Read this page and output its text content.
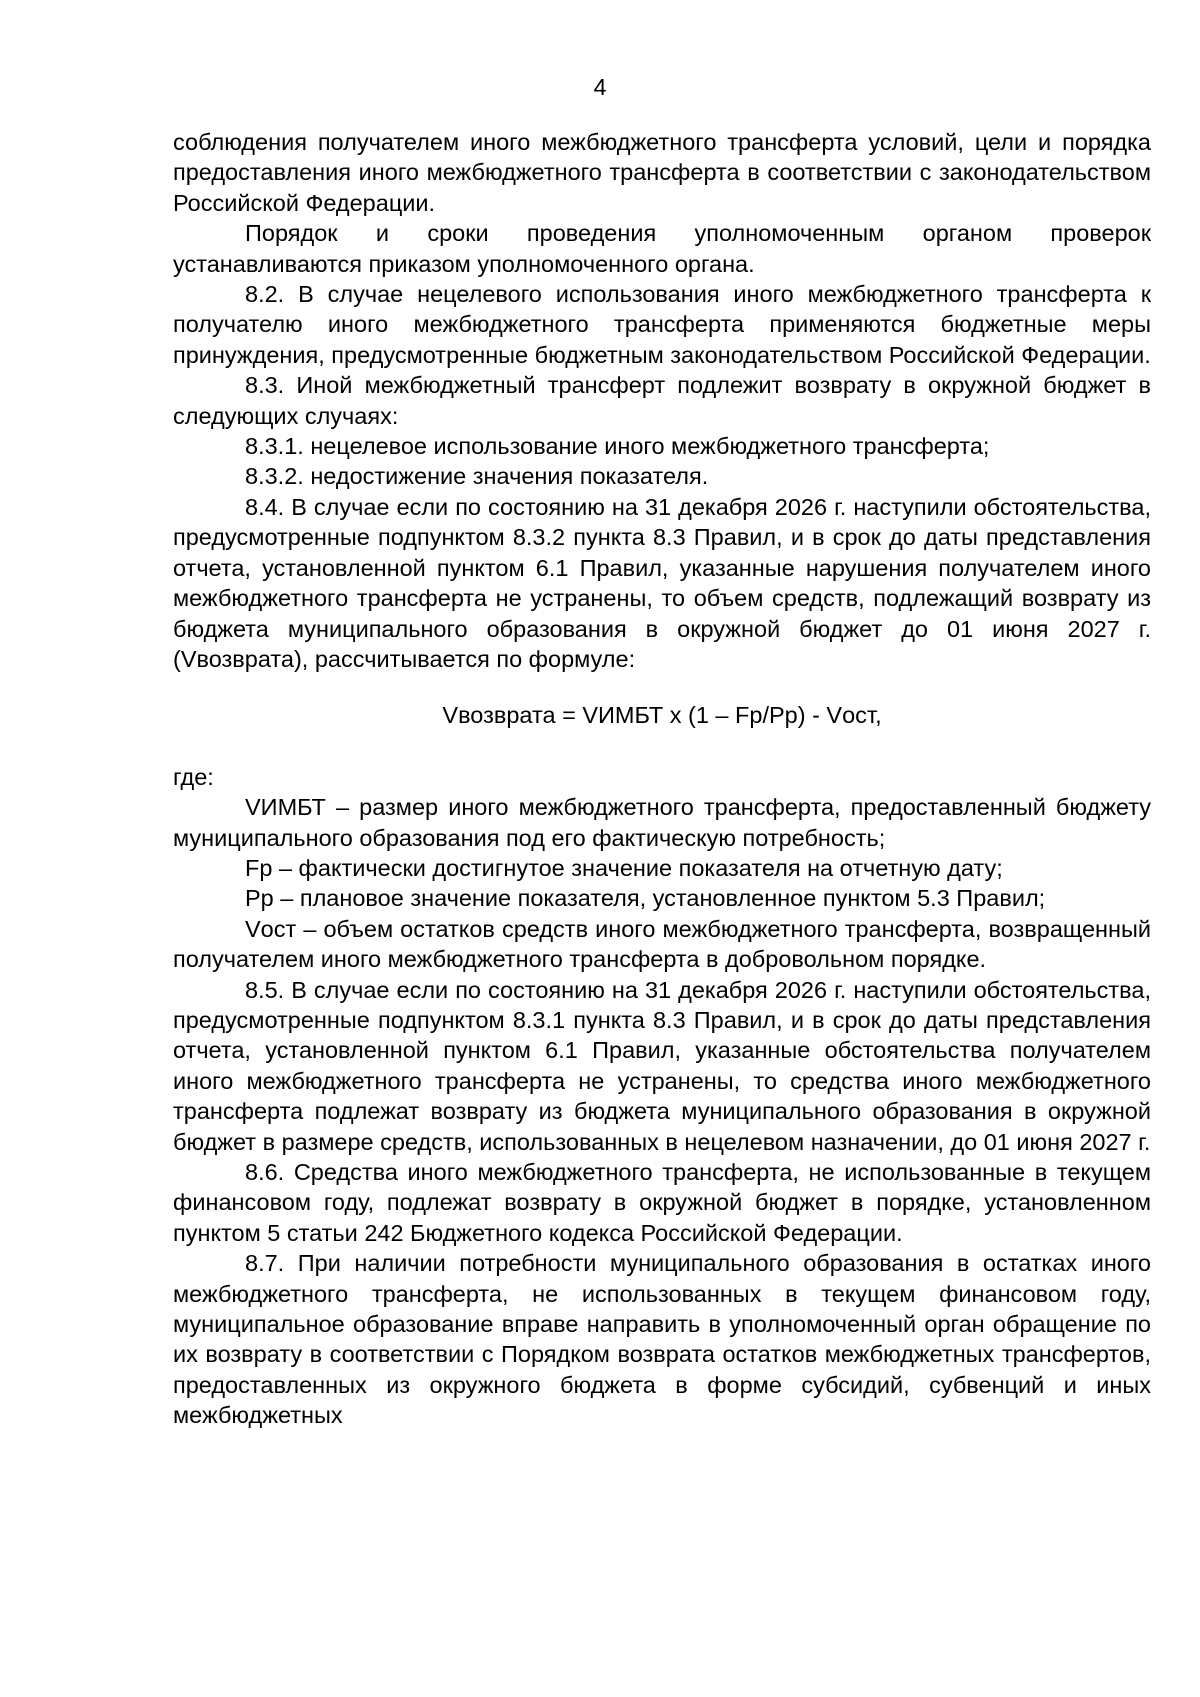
4

соблюдения получателем иного межбюджетного трансферта условий, цели и порядка предоставления иного межбюджетного трансферта в соответствии с законодательством Российской Федерации.

Порядок и сроки проведения уполномоченным органом проверок устанавливаются приказом уполномоченного органа.

8.2. В случае нецелевого использования иного межбюджетного трансферта к получателю иного межбюджетного трансферта применяются бюджетные меры принуждения, предусмотренные бюджетным законодательством Российской Федерации.

8.3. Иной межбюджетный трансферт подлежит возврату в окружной бюджет в следующих случаях:

8.3.1. нецелевое использование иного межбюджетного трансферта;

8.3.2. недостижение значения показателя.

8.4. В случае если по состоянию на 31 декабря 2026 г. наступили обстоятельства, предусмотренные подпунктом 8.3.2 пункта 8.3 Правил, и в срок до даты представления отчета, установленной пунктом 6.1 Правил, указанные нарушения получателем иного межбюджетного трансферта не устранены, то объем средств, подлежащий возврату из бюджета муниципального образования в окружной бюджет до 01 июня 2027 г. (Vвозврата), рассчитывается по формуле:

Vвозврата = VИМБТ x (1 – Fp/Pp) - Vост,

где:

VИМБТ – размер иного межбюджетного трансферта, предоставленный бюджету муниципального образования под его фактическую потребность;

Fp – фактически достигнутое значение показателя на отчетную дату;

Pp – плановое значение показателя, установленное пунктом 5.3 Правил;

Vост – объем остатков средств иного межбюджетного трансферта, возвращенный получателем иного межбюджетного трансферта в добровольном порядке.

8.5. В случае если по состоянию на 31 декабря 2026 г. наступили обстоятельства, предусмотренные подпунктом 8.3.1 пункта 8.3 Правил, и в срок до даты представления отчета, установленной пунктом 6.1 Правил, указанные обстоятельства получателем иного межбюджетного трансферта не устранены, то средства иного межбюджетного трансферта подлежат возврату из бюджета муниципального образования в окружной бюджет в размере средств, использованных в нецелевом назначении, до 01 июня 2027 г.

8.6. Средства иного межбюджетного трансферта, не использованные в текущем финансовом году, подлежат возврату в окружной бюджет в порядке, установленном пунктом 5 статьи 242 Бюджетного кодекса Российской Федерации.

8.7. При наличии потребности муниципального образования в остатках иного межбюджетного трансферта, не использованных в текущем финансовом году, муниципальное образование вправе направить в уполномоченный орган обращение по их возврату в соответствии с Порядком возврата остатков межбюджетных трансфертов, предоставленных из окружного бюджета в форме субсидий, субвенций и иных межбюджетных
